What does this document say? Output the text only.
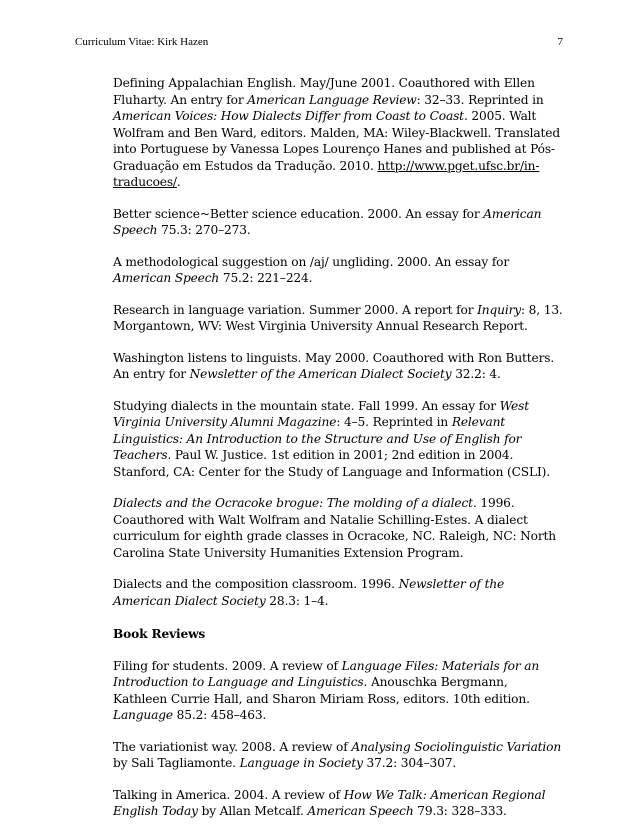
Curriculum Vitae: Kirk Hazen	7

Defining Appalachian English. May/June 2001. Coauthored with Ellen Fluharty. An entry for American Language Review: 32–33. Reprinted in American Voices: How Dialects Differ from Coast to Coast. 2005. Walt Wolfram and Ben Ward, editors. Malden, MA: Wiley-Blackwell. Translated into Portuguese by Vanessa Lopes Lourenço Hanes and published at Pós-Graduação em Estudos da Tradução. 2010. http://www.pget.ufsc.br/in-traducoes/.

Better science~Better science education. 2000. An essay for American Speech 75.3: 270–273.

A methodological suggestion on /aj/ ungliding. 2000. An essay for American Speech 75.2: 221–224.

Research in language variation. Summer 2000. A report for Inquiry: 8, 13. Morgantown, WV: West Virginia University Annual Research Report.

Washington listens to linguists. May 2000. Coauthored with Ron Butters. An entry for Newsletter of the American Dialect Society 32.2: 4.

Studying dialects in the mountain state. Fall 1999. An essay for West Virginia University Alumni Magazine: 4–5. Reprinted in Relevant Linguistics: An Introduction to the Structure and Use of English for Teachers. Paul W. Justice. 1st edition in 2001; 2nd edition in 2004. Stanford, CA: Center for the Study of Language and Information (CSLI).

Dialects and the Ocracoke brogue: The molding of a dialect. 1996. Coauthored with Walt Wolfram and Natalie Schilling-Estes. A dialect curriculum for eighth grade classes in Ocracoke, NC. Raleigh, NC: North Carolina State University Humanities Extension Program.

Dialects and the composition classroom. 1996. Newsletter of the American Dialect Society 28.3: 1–4.

Book Reviews

Filing for students. 2009. A review of Language Files: Materials for an Introduction to Language and Linguistics. Anouschka Bergmann, Kathleen Currie Hall, and Sharon Miriam Ross, editors. 10th edition. Language 85.2: 458–463.

The variationist way. 2008. A review of Analysing Sociolinguistic Variation by Sali Tagliamonte. Language in Society 37.2: 304–307.

Talking in America. 2004. A review of How We Talk: American Regional English Today by Allan Metcalf. American Speech 79.3: 328–333.
